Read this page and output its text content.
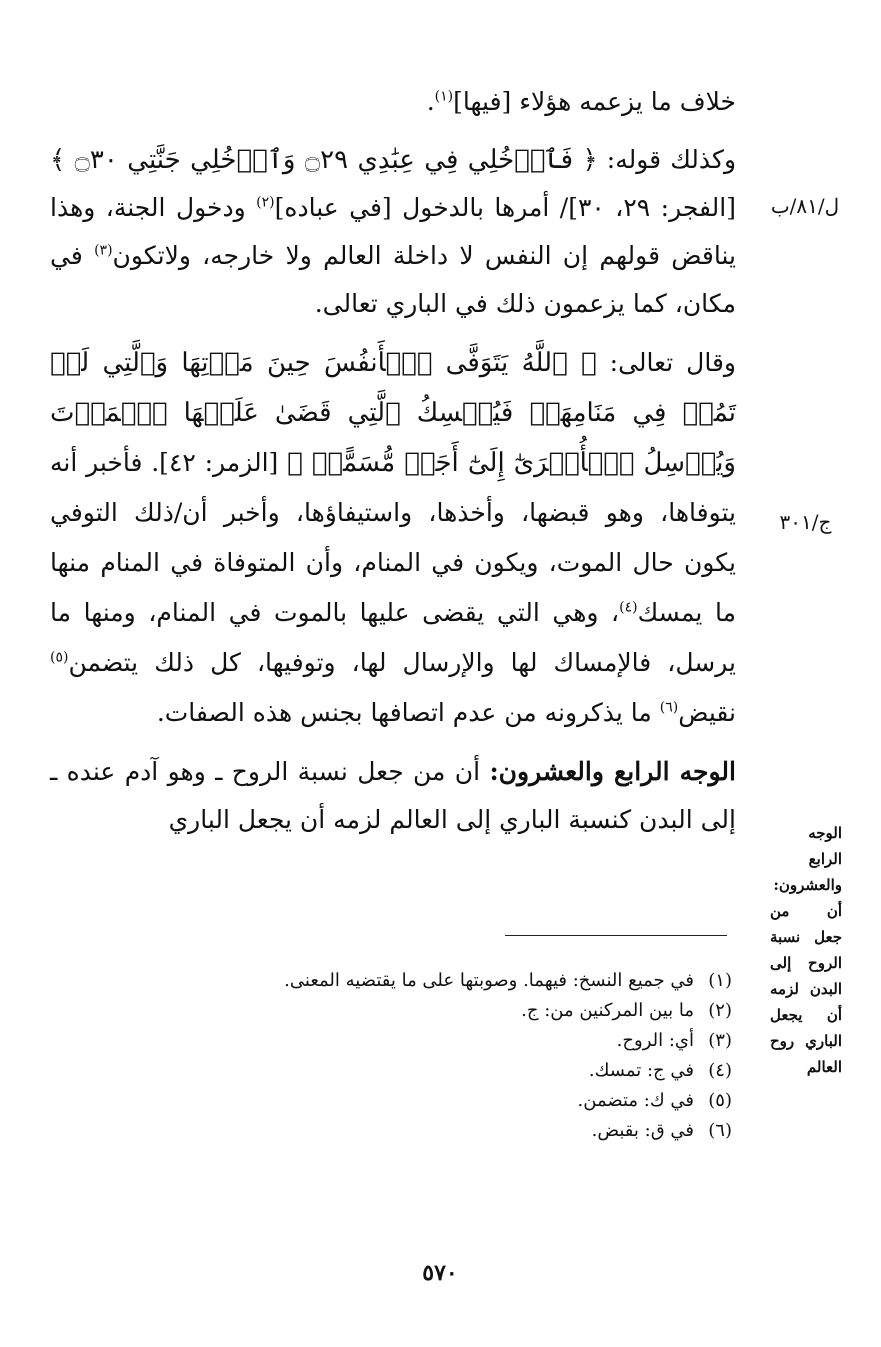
خلاف ما يزعمه هؤلاء [فيها]$^{(١)}$.

وكذلك قوله: ﴿ فَٱدۡخُلِي فِي عِبَٰدِي ۝٢٩ وَٱدۡخُلِي جَنَّتِي ۝٣٠ ﴾ [الفجر: ٢٩، ٣٠]/ أمرها بالدخول [في عباده]$^{(٢)}$ ودخول الجنة، وهذا يناقض قولهم إن النفس لا داخلة العالم ولا خارجه، ولاتكون$^{(٣)}$ في مكان، كما يزعمون ذلك في الباري تعالى.

وقال تعالى: ﴿ ٱللَّهُ يَتَوَفَّى ٱلۡأَنفُسَ حِينَ مَوۡتِهَا وَٱلَّتِي لَمۡ تَمُتۡ فِي مَنَامِهَاۖ فَيُمۡسِكُ ٱلَّتِي قَضَىٰ عَلَيۡهَا ٱلۡمَوۡتَ وَيُرۡسِلُ ٱلۡأُخۡرَىٰٓ إِلَىٰٓ أَجَلٖ مُّسَمًّىۚ ﴾ [الزمر: ٤٢]. فأخبر أنه يتوفاها، وهو قبضها، وأخذها، واستيفاؤها، وأخبر أن/ذلك التوفي يكون حال الموت، ويكون في المنام، وأن المتوفاة في المنام منها ما يمسك$^{(٤)}$، وهي التي يقضى عليها بالموت في المنام، ومنها ما يرسل، فالإمساك لها والإرسال لها، وتوفيها، كل ذلك يتضمن$^{(٥)}$ نقيض$^{(٦)}$ ما يذكرونه من عدم اتصافها بجنس هذه الصفات.

الوجه الرابع والعشرون: أن من جعل نسبة الروح ـ وهو آدم عنده ـ إلى البدن كنسبة الباري إلى العالم لزمه أن يجعل الباري

ل/٨١/ب
ج/٣٠١
الوجه الرابع والعشرون: أن من جعل نسبة الروح إلى البدن لزمه أن يجعل الباري روح العالم
(١)
في جميع النسخ: فيهما. وصوبتها على ما يقتضيه المعنى.
(٢)
ما بين المركنين من: ج.
(٣)
أي: الروح.
(٤)
في ج: تمسك.
(٥)
في ك: متضمن.
(٦)
في ق: بقبض.
٥٧٠
